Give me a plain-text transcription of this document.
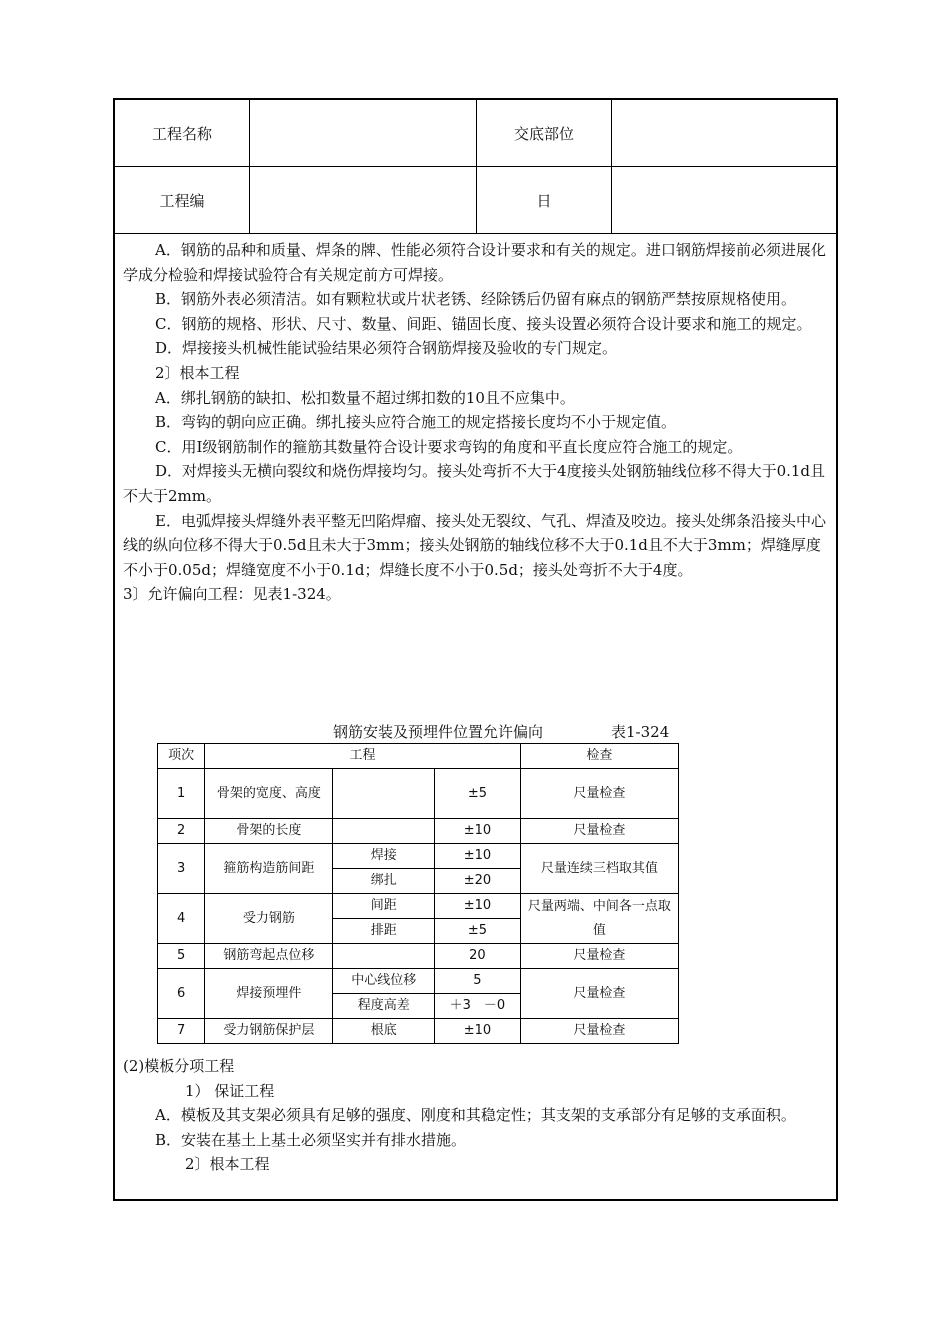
工程名称		交底部位	
工程编		日	

A．钢筋的品种和质量、焊条的牌、性能必须符合设计要求和有关的规定。进口钢筋焊接前必须进展化学成分检验和焊接试验符合有关规定前方可焊接。

B．钢筋外表必须清洁。如有颗粒状或片状老锈、经除锈后仍留有麻点的钢筋严禁按原规格使用。

C．钢筋的规格、形状、尺寸、数量、间距、锚固长度、接头设置必须符合设计要求和施工的规定。

D．焊接接头机械性能试验结果必须符合钢筋焊接及验收的专门规定。

2〕根本工程

A．绑扎钢筋的缺扣、松扣数量不超过绑扣数的10且不应集中。

B．弯钩的朝向应正确。绑扎接头应符合施工的规定搭接长度均不小于规定值。

C．用I级钢筋制作的箍筋其数量符合设计要求弯钩的角度和平直长度应符合施工的规定。

D．对焊接头无横向裂纹和烧伤焊接均匀。接头处弯折不大于4度接头处钢筋轴线位移不得大于0.1d且不大于2mm。

E．电弧焊接头焊缝外表平整无凹陷焊瘤、接头处无裂纹、气孔、焊渣及咬边。接头处绑条沿接头中心线的纵向位移不得大于0.5d且未大于3mm；接头处钢筋的轴线位移不大于0.1d且不大于3mm；焊缝厚度不小于0.05d；焊缝宽度不小于0.1d；焊缝长度不小于0.5d；接头处弯折不大于4度。

3〕允许偏向工程：见表1-324。

钢筋安装及预埋件位置允许偏向	表1-324
项次	工程			检查
1	骨架的宽度、高度		±5	尺量检查
2	骨架的长度		±10	尺量检查
3	箍筋构造筋间距	焊接	±10	尺量连续三档取其值
		绑扎	±20	
4	受力钢筋	间距	±10	尺量两端、中间各一点取值
		排距	±5	
5	钢筋弯起点位移		20	尺量检查
6	焊接预埋件	中心线位移	5	尺量检查
		程度高差	＋3　－0	
7	受力钢筋保护层	根底	±10	尺量检查

(2)模板分项工程

1） 保证工程

A．模板及其支架必须具有足够的强度、刚度和其稳定性；其支架的支承部分有足够的支承面积。

B．安装在基土上基土必须坚实并有排水措施。

2〕根本工程
